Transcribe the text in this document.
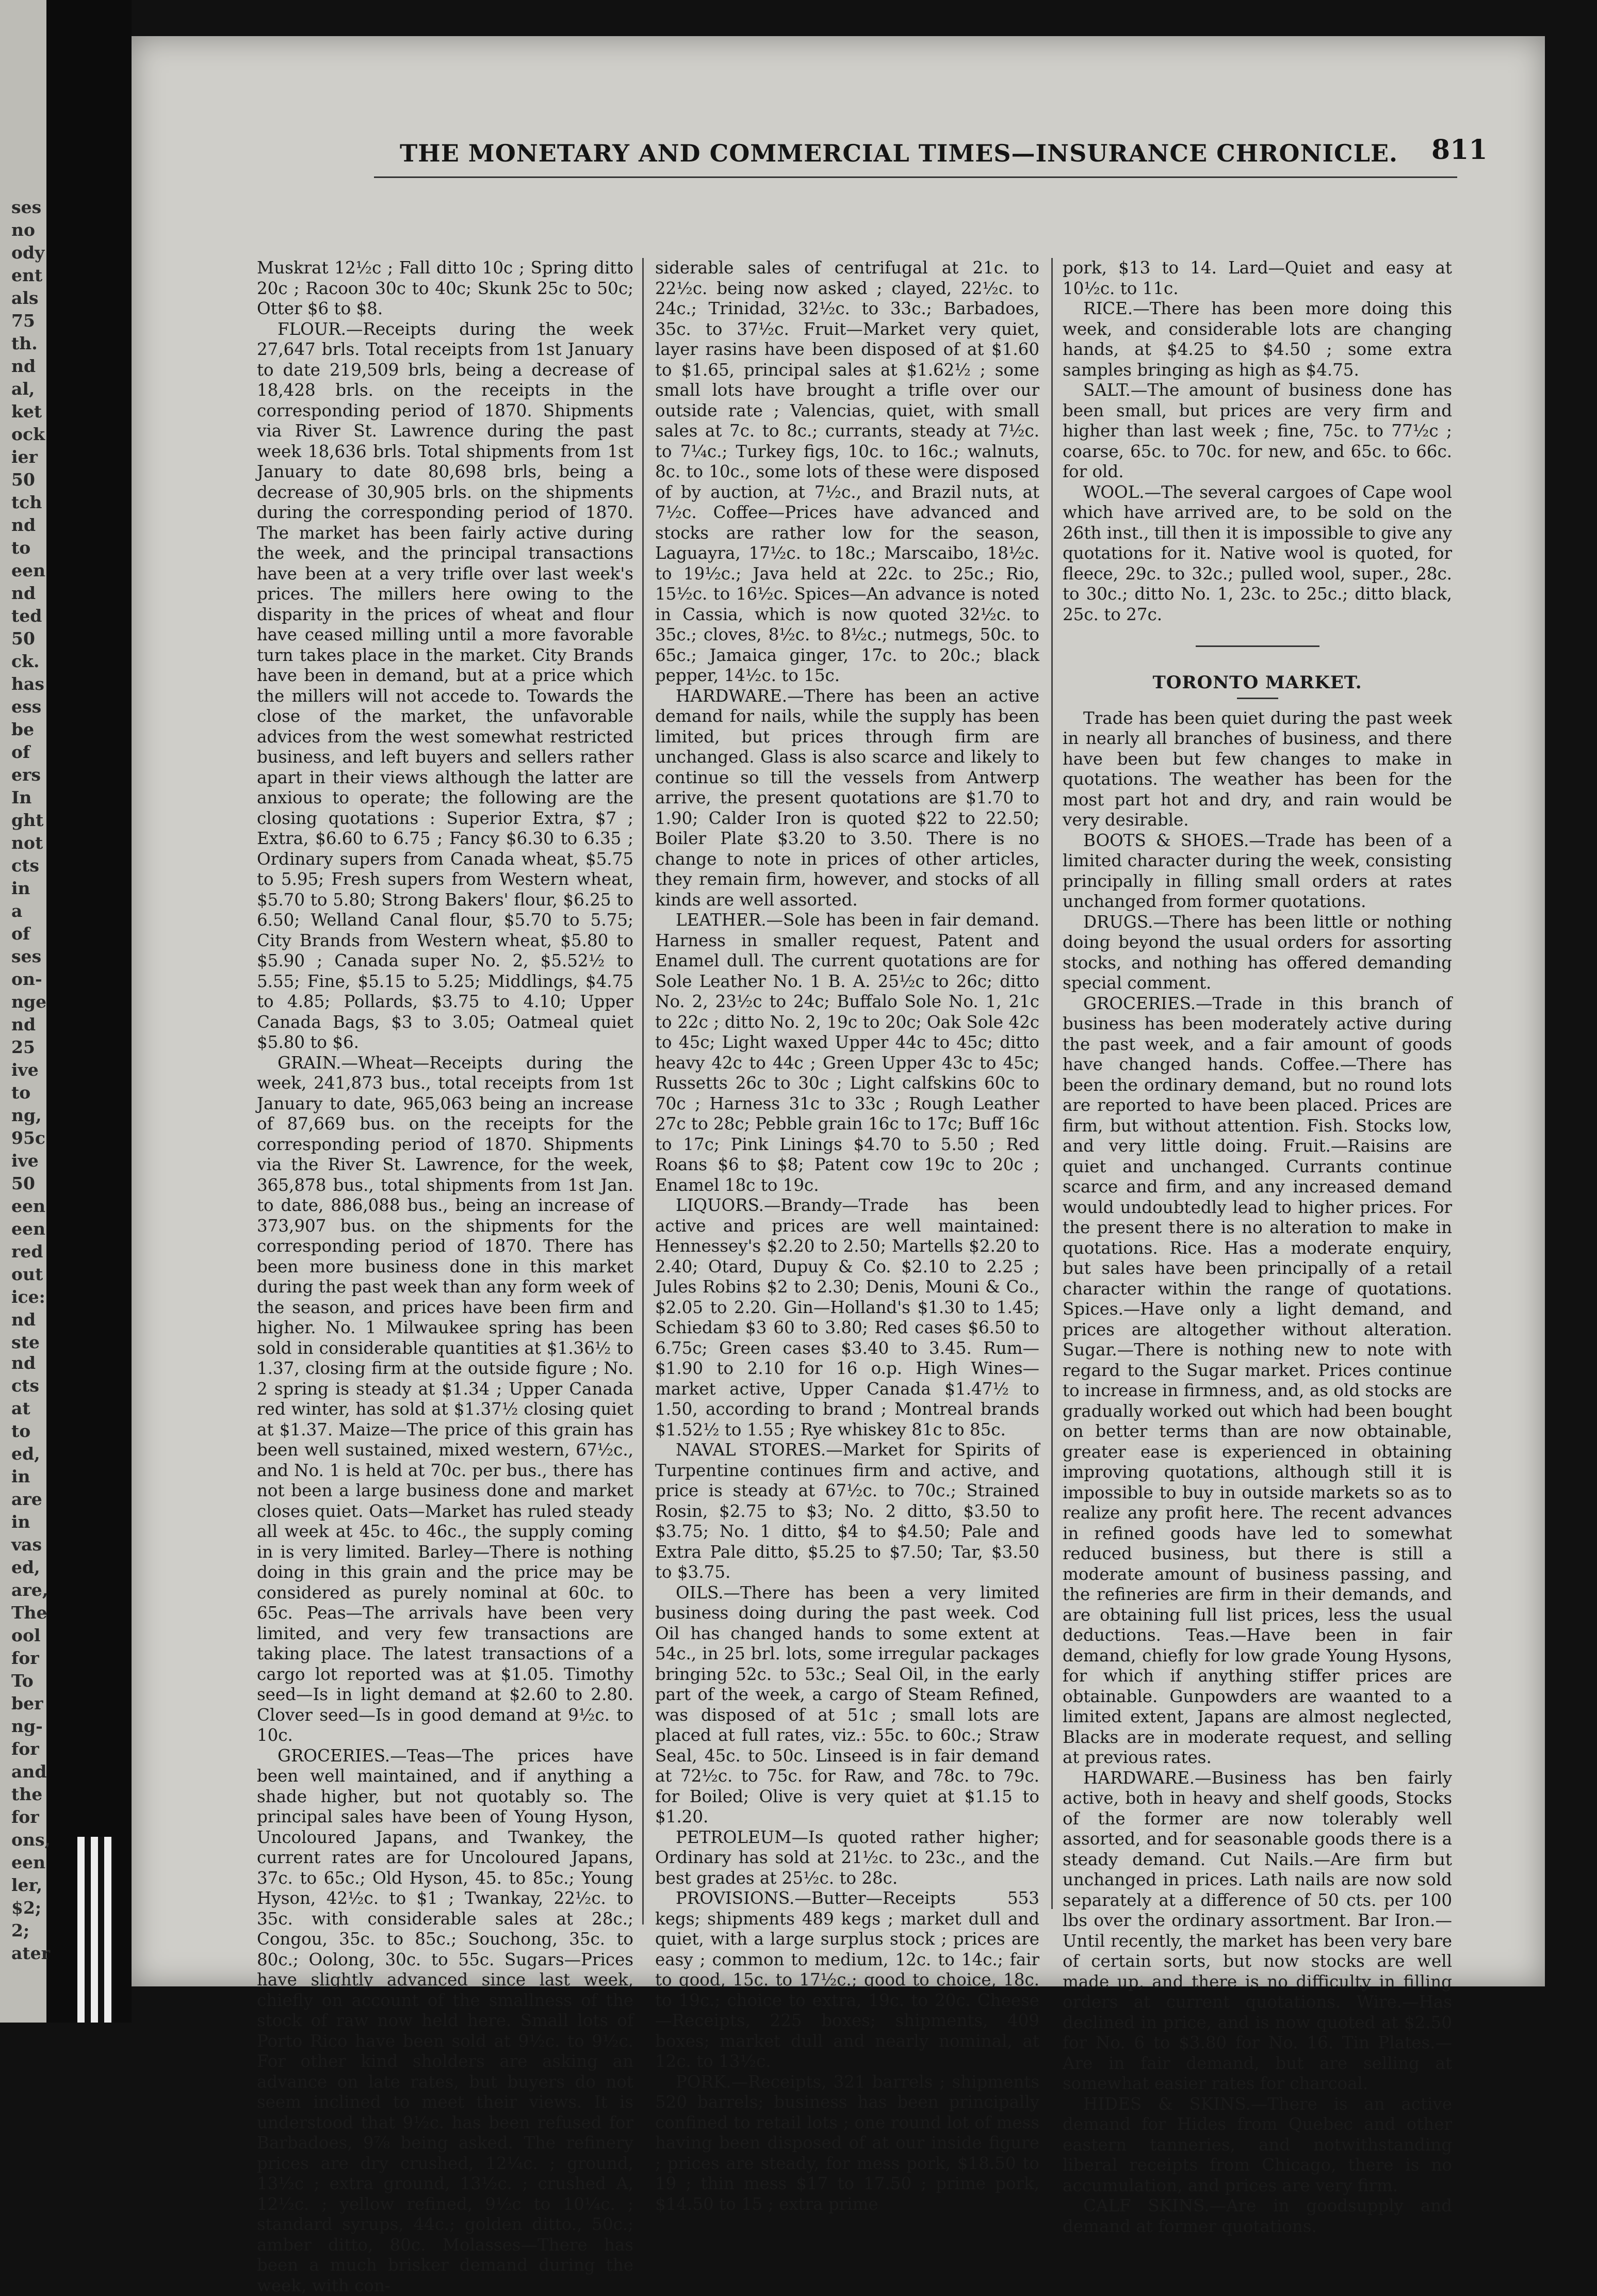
ses no ody ent als 75 th. nd al, ket ock ier 50 tch nd to een nd ted 50 ck. has ess be of ers In ght not cts in a of ses on- nge nd 25 ive to ng, 95c ive 50 een een red out ice: nd ste
nd cts at to ed, in are in vas ed, are, The ool for To ber ng- for and the for ons, een ler, $2; 2; ater
THE MONETARY AND COMMERCIAL TIMES—INSURANCE CHRONICLE. 811

Muskrat 12½c ; Fall ditto 10c ; Spring ditto 20c ; Racoon 30c to 40c; Skunk 25c to 50c; Otter $6 to $8.

FLOUR.—Receipts during the week 27,647 brls. Total receipts from 1st January to date 219,509 brls, being a decrease of 18,428 brls. on the receipts in the corresponding period of 1870. Shipments via River St. Lawrence during the past week 18,636 brls. Total shipments from 1st January to date 80,698 brls, being a decrease of 30,905 brls. on the shipments during the corresponding period of 1870. The market has been fairly active during the week, and the principal transactions have been at a very trifle over last week's prices. The millers here owing to the disparity in the prices of wheat and flour have ceased milling until a more favorable turn takes place in the market. City Brands have been in demand, but at a price which the millers will not accede to. Towards the close of the market, the unfavorable advices from the west somewhat restricted business, and left buyers and sellers rather apart in their views although the latter are anxious to operate; the following are the closing quotations : Superior Extra, $7 ; Extra, $6.60 to 6.75 ; Fancy $6.30 to 6.35 ; Ordinary supers from Canada wheat, $5.75 to 5.95; Fresh supers from Western wheat, $5.70 to 5.80; Strong Bakers' flour, $6.25 to 6.50; Welland Canal flour, $5.70 to 5.75; City Brands from Western wheat, $5.80 to $5.90 ; Canada super No. 2, $5.52½ to 5.55; Fine, $5.15 to 5.25; Middlings, $4.75 to 4.85; Pollards, $3.75 to 4.10; Upper Canada Bags, $3 to 3.05; Oatmeal quiet $5.80 to $6.

GRAIN.—Wheat—Receipts during the week, 241,873 bus., total receipts from 1st January to date, 965,063 being an increase of 87,669 bus. on the receipts for the corresponding period of 1870. Shipments via the River St. Lawrence, for the week, 365,878 bus., total shipments from 1st Jan. to date, 886,088 bus., being an increase of 373,907 bus. on the shipments for the corresponding period of 1870. There has been more business done in this market during the past week than any form week of the season, and prices have been firm and higher. No. 1 Milwaukee spring has been sold in considerable quantities at $1.36½ to 1.37, closing firm at the outside figure ; No. 2 spring is steady at $1.34 ; Upper Canada red winter, has sold at $1.37½ closing quiet at $1.37. Maize—The price of this grain has been well sustained, mixed western, 67½c., and No. 1 is held at 70c. per bus., there has not been a large business done and market closes quiet. Oats—Market has ruled steady all week at 45c. to 46c., the supply coming in is very limited. Barley—There is nothing doing in this grain and the price may be considered as purely nominal at 60c. to 65c. Peas—The arrivals have been very limited, and very few transactions are taking place. The latest transactions of a cargo lot reported was at $1.05. Timothy seed—Is in light demand at $2.60 to 2.80. Clover seed—Is in good demand at 9½c. to 10c.

GROCERIES.—Teas—The prices have been well maintained, and if anything a shade higher, but not quotably so. The principal sales have been of Young Hyson, Uncoloured Japans, and Twankey, the current rates are for Uncoloured Japans, 37c. to 65c.; Old Hyson, 45. to 85c.; Young Hyson, 42½c. to $1 ; Twankay, 22½c. to 35c. with considerable sales at 28c.; Congou, 35c. to 85c.; Souchong, 35c. to 80c.; Oolong, 30c. to 55c. Sugars—Prices have slightly advanced since last week, chiefly on account of the smallness of the stock of raw now held here. Small lots of Porto Rico have been sold at 9½c. to 9½c. For other kind sholders are asking an advance on late rates, but buyers do not seem inclined to meet their views. It is understood that 9½c. has been refused for Barbadoes, 9⅞ being asked. The refinery prices are dry crushed, 12¼c. ; ground, 13½c ; extra ground, 13½c. ; crushed A, 12½c. ; yellow refined, 9½c to 10¼c. ; standard syrups, 44c.; golden ditto., 50c.; amber ditto, 80c. Molasses—There has been a much brisker demand during the week, with con-

siderable sales of centrifugal at 21c. to 22½c. being now asked ; clayed, 22½c. to 24c.; Trinidad, 32½c. to 33c.; Barbadoes, 35c. to 37½c. Fruit—Market very quiet, layer rasins have been disposed of at $1.60 to $1.65, principal sales at $1.62½ ; some small lots have brought a trifle over our outside rate ; Valencias, quiet, with small sales at 7c. to 8c.; currants, steady at 7½c. to 7¼c.; Turkey figs, 10c. to 16c.; walnuts, 8c. to 10c., some lots of these were disposed of by auction, at 7½c., and Brazil nuts, at 7½c. Coffee—Prices have advanced and stocks are rather low for the season, Laguayra, 17½c. to 18c.; Marscaibo, 18½c. to 19½c.; Java held at 22c. to 25c.; Rio, 15½c. to 16½c. Spices—An advance is noted in Cassia, which is now quoted 32½c. to 35c.; cloves, 8½c. to 8½c.; nutmegs, 50c. to 65c.; Jamaica ginger, 17c. to 20c.; black pepper, 14½c. to 15c.

HARDWARE.—There has been an active demand for nails, while the supply has been limited, but prices through firm are unchanged. Glass is also scarce and likely to continue so till the vessels from Antwerp arrive, the present quotations are $1.70 to 1.90; Calder Iron is quoted $22 to 22.50; Boiler Plate $3.20 to 3.50. There is no change to note in prices of other articles, they remain firm, however, and stocks of all kinds are well assorted.

LEATHER.—Sole has been in fair demand. Harness in smaller request, Patent and Enamel dull. The current quotations are for Sole Leather No. 1 B. A. 25½c to 26c; ditto No. 2, 23½c to 24c; Buffalo Sole No. 1, 21c to 22c ; ditto No. 2, 19c to 20c; Oak Sole 42c to 45c; Light waxed Upper 44c to 45c; ditto heavy 42c to 44c ; Green Upper 43c to 45c; Russetts 26c to 30c ; Light calfskins 60c to 70c ; Harness 31c to 33c ; Rough Leather 27c to 28c; Pebble grain 16c to 17c; Buff 16c to 17c; Pink Linings $4.70 to 5.50 ; Red Roans $6 to $8; Patent cow 19c to 20c ; Enamel 18c to 19c.

LIQUORS.—Brandy—Trade has been active and prices are well maintained: Hennessey's $2.20 to 2.50; Martells $2.20 to 2.40; Otard, Dupuy & Co. $2.10 to 2.25 ; Jules Robins $2 to 2.30; Denis, Mouni & Co., $2.05 to 2.20. Gin—Holland's $1.30 to 1.45; Schiedam $3 60 to 3.80; Red cases $6.50 to 6.75c; Green cases $3.40 to 3.45. Rum—$1.90 to 2.10 for 16 o.p. High Wines—market active, Upper Canada $1.47½ to 1.50, according to brand ; Montreal brands $1.52½ to 1.55 ; Rye whiskey 81c to 85c.

NAVAL STORES.—Market for Spirits of Turpentine continues firm and active, and price is steady at 67½c. to 70c.; Strained Rosin, $2.75 to $3; No. 2 ditto, $3.50 to $3.75; No. 1 ditto, $4 to $4.50; Pale and Extra Pale ditto, $5.25 to $7.50; Tar, $3.50 to $3.75.

OILS.—There has been a very limited business doing during the past week. Cod Oil has changed hands to some extent at 54c., in 25 brl. lots, some irregular packages bringing 52c. to 53c.; Seal Oil, in the early part of the week, a cargo of Steam Refined, was disposed of at 51c ; small lots are placed at full rates, viz.: 55c. to 60c.; Straw Seal, 45c. to 50c. Linseed is in fair demand at 72½c. to 75c. for Raw, and 78c. to 79c. for Boiled; Olive is very quiet at $1.15 to $1.20.

PETROLEUM—Is quoted rather higher; Ordinary has sold at 21½c. to 23c., and the best grades at 25½c. to 28c.

PROVISIONS.—Butter—Receipts 553 kegs; shipments 489 kegs ; market dull and quiet, with a large surplus stock ; prices are easy ; common to medium, 12c. to 14c.; fair to good, 15c. to 17½c.; good to choice, 18c. to 19c.; choice to extra, 19c. to 20c. Cheese—Receipts, 225 boxes; shipments, 409 boxes; market dull and nearly nominal, at 12c. to 13½c.

PORK.—Receipts, 321 barrels ; shipments 520 barrels; business has been principally confined to retail lots ; one round lot of mess having been disposed of at our inside figure ; prices are steady, for mess pork, $18.50 to 19 ; thin mess $17 to 17.50 ; prime pork, $14.50 to 15 ; extra prime

pork, $13 to 14. Lard—Quiet and easy at 10½c. to 11c.

RICE.—There has been more doing this week, and considerable lots are changing hands, at $4.25 to $4.50 ; some extra samples bringing as high as $4.75.

SALT.—The amount of business done has been small, but prices are very firm and higher than last week ; fine, 75c. to 77½c ; coarse, 65c. to 70c. for new, and 65c. to 66c. for old.

WOOL.—The several cargoes of Cape wool which have arrived are, to be sold on the 26th inst., till then it is impossible to give any quotations for it. Native wool is quoted, for fleece, 29c. to 32c.; pulled wool, super., 28c. to 30c.; ditto No. 1, 23c. to 25c.; ditto black, 25c. to 27c.

TORONTO MARKET.

Trade has been quiet during the past week in nearly all branches of business, and there have been but few changes to make in quotations. The weather has been for the most part hot and dry, and rain would be very desirable.

BOOTS & SHOES.—Trade has been of a limited character during the week, consisting principally in filling small orders at rates unchanged from former quotations.

DRUGS.—There has been little or nothing doing beyond the usual orders for assorting stocks, and nothing has offered demanding special comment.

GROCERIES.—Trade in this branch of business has been moderately active during the past week, and a fair amount of goods have changed hands. Coffee.—There has been the ordinary demand, but no round lots are reported to have been placed. Prices are firm, but without attention. Fish. Stocks low, and very little doing. Fruit.—Raisins are quiet and unchanged. Currants continue scarce and firm, and any increased demand would undoubtedly lead to higher prices. For the present there is no alteration to make in quotations. Rice. Has a moderate enquiry, but sales have been principally of a retail character within the range of quotations. Spices.—Have only a light demand, and prices are altogether without alteration. Sugar.—There is nothing new to note with regard to the Sugar market. Prices continue to increase in firmness, and, as old stocks are gradually worked out which had been bought on better terms than are now obtainable, greater ease is experienced in obtaining improving quotations, although still it is impossible to buy in outside markets so as to realize any profit here. The recent advances in refined goods have led to somewhat reduced business, but there is still a moderate amount of business passing, and the refineries are firm in their demands, and are obtaining full list prices, less the usual deductions. Teas.—Have been in fair demand, chiefly for low grade Young Hysons, for which if anything stiffer prices are obtainable. Gunpowders are waanted to a limited extent, Japans are almost neglected, Blacks are in moderate request, and selling at previous rates.

HARDWARE.—Business has ben fairly active, both in heavy and shelf goods, Stocks of the former are now tolerably well assorted, and for seasonable goods there is a steady demand. Cut Nails.—Are firm but unchanged in prices. Lath nails are now sold separately at a difference of 50 cts. per 100 lbs over the ordinary assortment. Bar Iron.—Until recently, the market has been very bare of certain sorts, but now stocks are well made up, and there is no difficulty in filling orders at current quotations. Wire.—Has declined in price, and is now quoted at $2.50 for No. 6 to $3.80 for No. 16. Tin Plates.—Are in fair demand, but are selling at somewhat easier rates for charcoal.

HIDES & SKINS.—There is an active demand for Hides from Quebec and other eastern tanneries, and notwithstanding liberal receipts from Chicago, there is no accumulation, and prices are very firm.

CALF SKINS.—Are in goodsupply and demand at former quotations.
